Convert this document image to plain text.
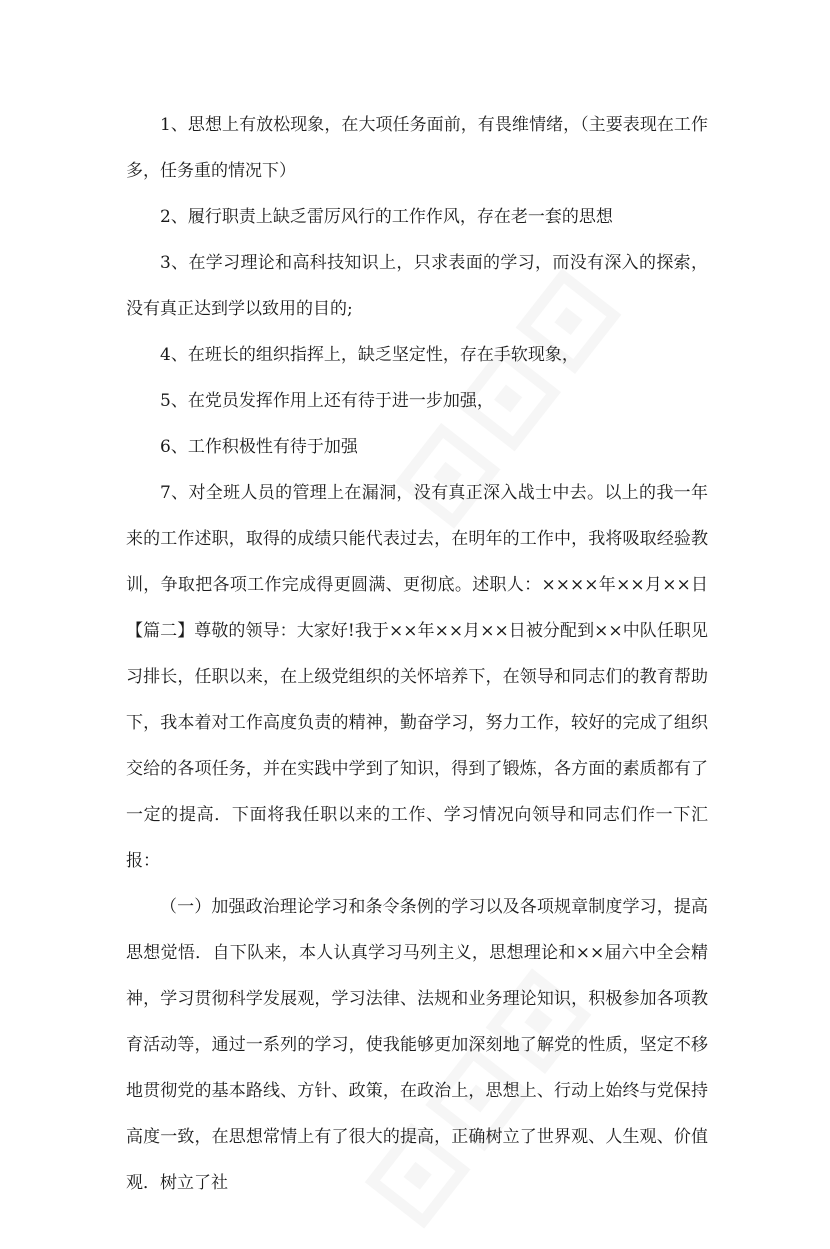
1、思想上有放松现象，在大项任务面前，有畏维情绪，（主要表现在工作多，任务重的情况下）

2、履行职责上缺乏雷厉风行的工作作风，存在老一套的思想

3、在学习理论和高科技知识上，只求表面的学习，而没有深入的探索，没有真正达到学以致用的目的;

4、在班长的组织指挥上，缺乏坚定性，存在手软现象，

5、在党员发挥作用上还有待于进一步加强，

6、工作积极性有待于加强

7、对全班人员的管理上在漏洞，没有真正深入战士中去。以上的我一年来的工作述职，取得的成绩只能代表过去，在明年的工作中，我将吸取经验教训，争取把各项工作完成得更圆满、更彻底。述职人：××××年××月××日【篇二】尊敬的领导：大家好!我于××年××月××日被分配到××中队任职见习排长，任职以来，在上级党组织的关怀培养下，在领导和同志们的教育帮助下，我本着对工作高度负责的精神，勤奋学习，努力工作，较好的完成了组织交给的各项任务，并在实践中学到了知识，得到了锻炼，各方面的素质都有了一定的提高．下面将我任职以来的工作、学习情况向领导和同志们作一下汇报：

（一）加强政治理论学习和条令条例的学习以及各项规章制度学习，提高思想觉悟．自下队来，本人认真学习马列主义，思想理论和××届六中全会精神，学习贯彻科学发展观，学习法律、法规和业务理论知识，积极参加各项教育活动等，通过一系列的学习，使我能够更加深刻地了解党的性质，坚定不移地贯彻党的基本路线、方针、政策，在政治上，思想上、行动上始终与党保持高度一致，在思想常情上有了很大的提高，正确树立了世界观、人生观、价值观．树立了社
